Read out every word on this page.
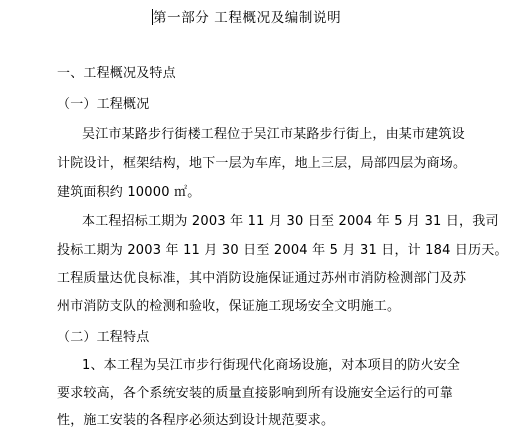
第一部分 工程概况及编制说明
一、工程概况及特点
（一）工程概况
吴江市某路步行街楼工程位于吴江市某路步行街上，由某市建筑设
计院设计，框架结构，地下一层为车库，地上三层，局部四层为商场。
建筑面积约 10000 ㎡。
本工程招标工期为 2003 年 11 月 30 日至 2004 年 5 月 31 日，我司
投标工期为 2003 年 11 月 30 日至 2004 年 5 月 31 日，计 184 日历天。
工程质量达优良标准，其中消防设施保证通过苏州市消防检测部门及苏
州市消防支队的检测和验收，保证施工现场安全文明施工。
（二）工程特点
1、本工程为吴江市步行街现代化商场设施，对本项目的防火安全
要求较高，各个系统安装的质量直接影响到所有设施安全运行的可靠
性，施工安装的各程序必须达到设计规范要求。
